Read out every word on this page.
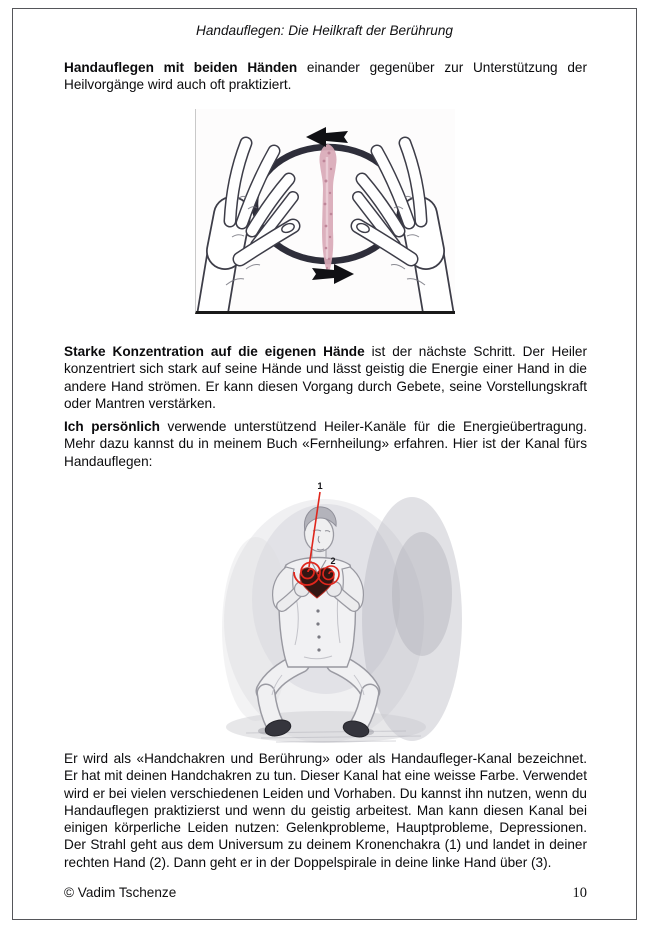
Handauflegen: Die Heilkraft der Berührung

Handauflegen mit beiden Händen einander gegenüber zur Unterstützung der Heilvorgänge wird auch oft praktiziert.

Starke Konzentration auf die eigenen Hände ist der nächste Schritt. Der Heiler konzentriert sich stark auf seine Hände und lässt geistig die Energie einer Hand in die andere Hand strömen. Er kann diesen Vorgang durch Gebete, seine Vorstellungskraft oder Mantren verstärken.

Ich persönlich verwende unterstützend Heiler-Kanäle für die Energieübertragung. Mehr dazu kannst du in meinem Buch «Fernheilung» erfahren. Hier ist der Kanal fürs Handauflegen:

1
2

Er wird als «Handchakren und Berührung» oder als Handaufleger-Kanal bezeichnet. Er hat mit deinen Handchakren zu tun. Dieser Kanal hat eine weisse Farbe. Verwendet wird er bei vielen verschiedenen Leiden und Vorhaben. Du kannst ihn nutzen, wenn du Handauflegen praktizierst und wenn du geistig arbeitest. Man kann diesen Kanal bei einigen körperliche Leiden nutzen: Gelenkprobleme, Hauptprobleme, Depressionen. Der Strahl geht aus dem Universum zu deinem Kronenchakra (1) und landet in deiner rechten Hand (2). Dann geht er in der Doppelspirale in deine linke Hand über (3).

© Vadim Tschenze	10
